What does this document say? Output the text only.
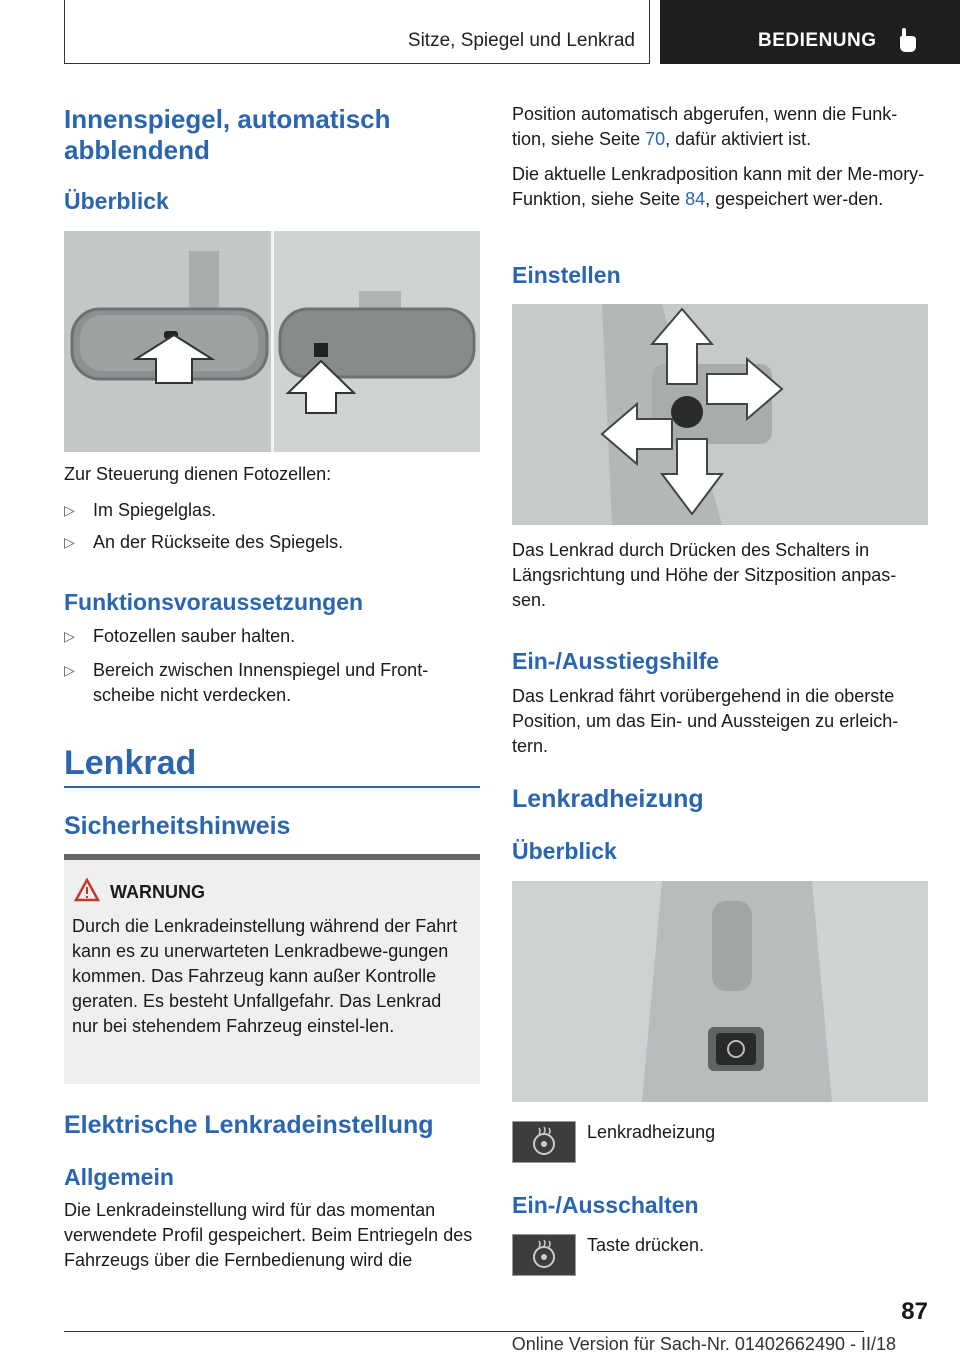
Sitze, Spiegel und Lenkrad	BEDIENUNG
Innenspiegel, automatisch abblendend
Überblick

Zur Steuerung dienen Fotozellen:

▷ Im Spiegelglas.
▷ An der Rückseite des Spiegels.
Funktionsvoraussetzungen
▷ Fotozellen sauber halten.
▷ Bereich zwischen Innenspiegel und Front-scheibe nicht verdecken.
Lenkrad
Sicherheitshinweis
WARNUNG
Durch die Lenkradeinstellung während der Fahrt kann es zu unerwarteten Lenkradbewe-gungen kommen. Das Fahrzeug kann außer Kontrolle geraten. Es besteht Unfallgefahr. Das Lenkrad nur bei stehendem Fahrzeug einstel-len.
Elektrische Lenkradeinstellung
Allgemein

Die Lenkradeinstellung wird für das momentan verwendete Profil gespeichert. Beim Entriegeln des Fahrzeugs über die Fernbedienung wird die

Position automatisch abgerufen, wenn die Funk-tion, siehe Seite 70, dafür aktiviert ist.

Die aktuelle Lenkradposition kann mit der Me-mory-Funktion, siehe Seite 84, gespeichert wer-den.

Einstellen

Das Lenkrad durch Drücken des Schalters in Längsrichtung und Höhe der Sitzposition anpas-sen.

Ein-/Ausstiegshilfe

Das Lenkrad fährt vorübergehend in die oberste Position, um das Ein- und Aussteigen zu erleich-tern.

Lenkradheizung
Überblick
Lenkradheizung
Ein-/Ausschalten
Taste drücken.
87
Online Version für Sach-Nr. 01402662490 - II/18
